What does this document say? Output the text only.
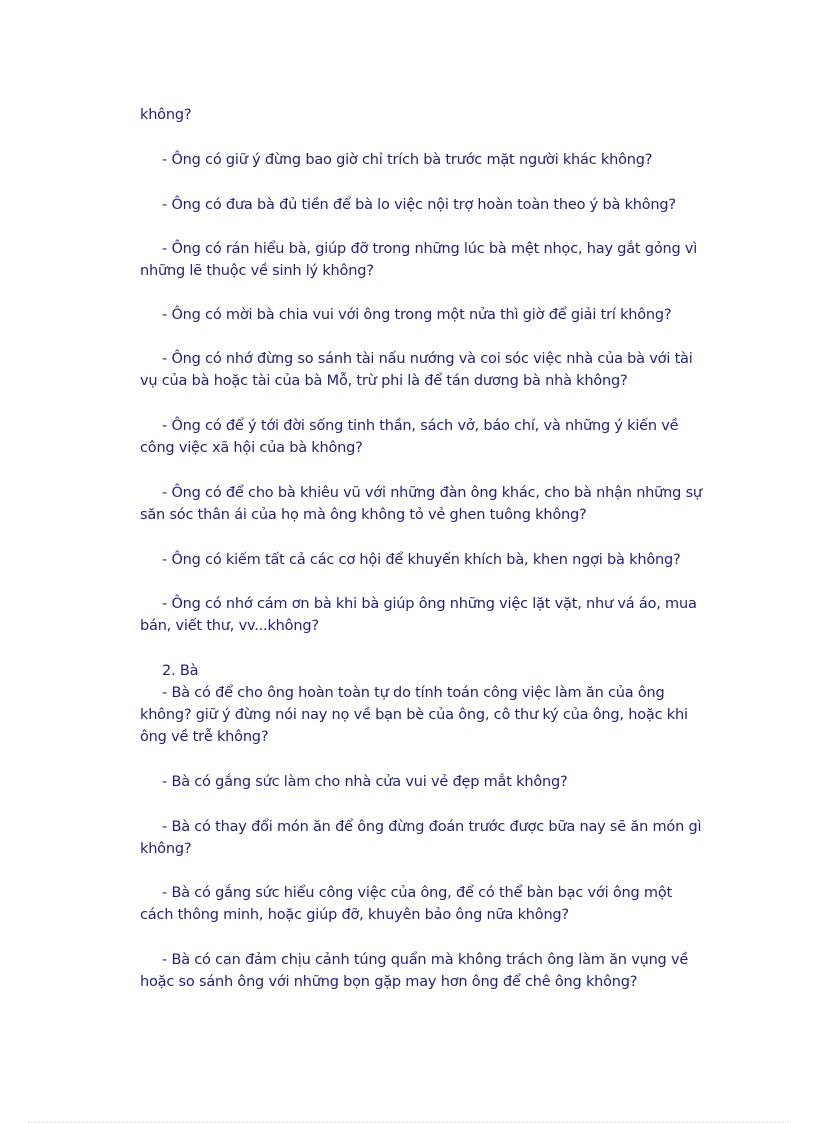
không?
- Ông có giữ ý đừng bao giờ chỉ trích bà trước mặt người khác không?
- Ông có đưa bà đủ tiền để bà lo việc nội trợ hoàn toàn theo ý bà không?
- Ông có rán hiểu bà, giúp đỡ trong những lúc bà mệt nhọc, hay gắt gỏng vì
những lẽ thuộc về sinh lý không?
- Ông có mời bà chia vui với ông trong một nửa thì giờ để giải trí không?
- Ông có nhớ đừng so sánh tài nấu nướng và coi sóc việc nhà của bà với tài
vụ của bà hoặc tài của bà Mỗ, trừ phi là để tán dương bà nhà không?
- Ông có để ý tới đời sống tinh thần, sách vở, báo chí, và những ý kiến về
công việc xã hội của bà không?
- Ông có để cho bà khiêu vũ với những đàn ông khác, cho bà nhận những sự
săn sóc thân ái của họ mà ông không tỏ vẻ ghen tuông không?
- Ông có kiếm tất cả các cơ hội để khuyến khích bà, khen ngợi bà không?
- Ông có nhớ cám ơn bà khi bà giúp ông những việc lặt vặt, như vá áo, mua
bán, viết thư, vv...không?
2. Bà
- Bà có để cho ông hoàn toàn tự do tính toán công việc làm ăn của ông
không? giữ ý đừng nói nay nọ về bạn bè của ông, cô thư ký của ông, hoặc khi
ông về trễ không?
- Bà có gắng sức làm cho nhà cửa vui vẻ đẹp mắt không?
- Bà có thay đổi món ăn để ông đừng đoán trước được bữa nay sẽ ăn món gì
không?
- Bà có gắng sức hiểu công việc của ông, để có thể bàn bạc với ông một
cách thông minh, hoặc giúp đỡ, khuyên bảo ông nữa không?
- Bà có can đảm chịu cảnh túng quẩn mà không trách ông làm ăn vụng về
hoặc so sánh ông với những bọn gặp may hơn ông để chê ông không?
